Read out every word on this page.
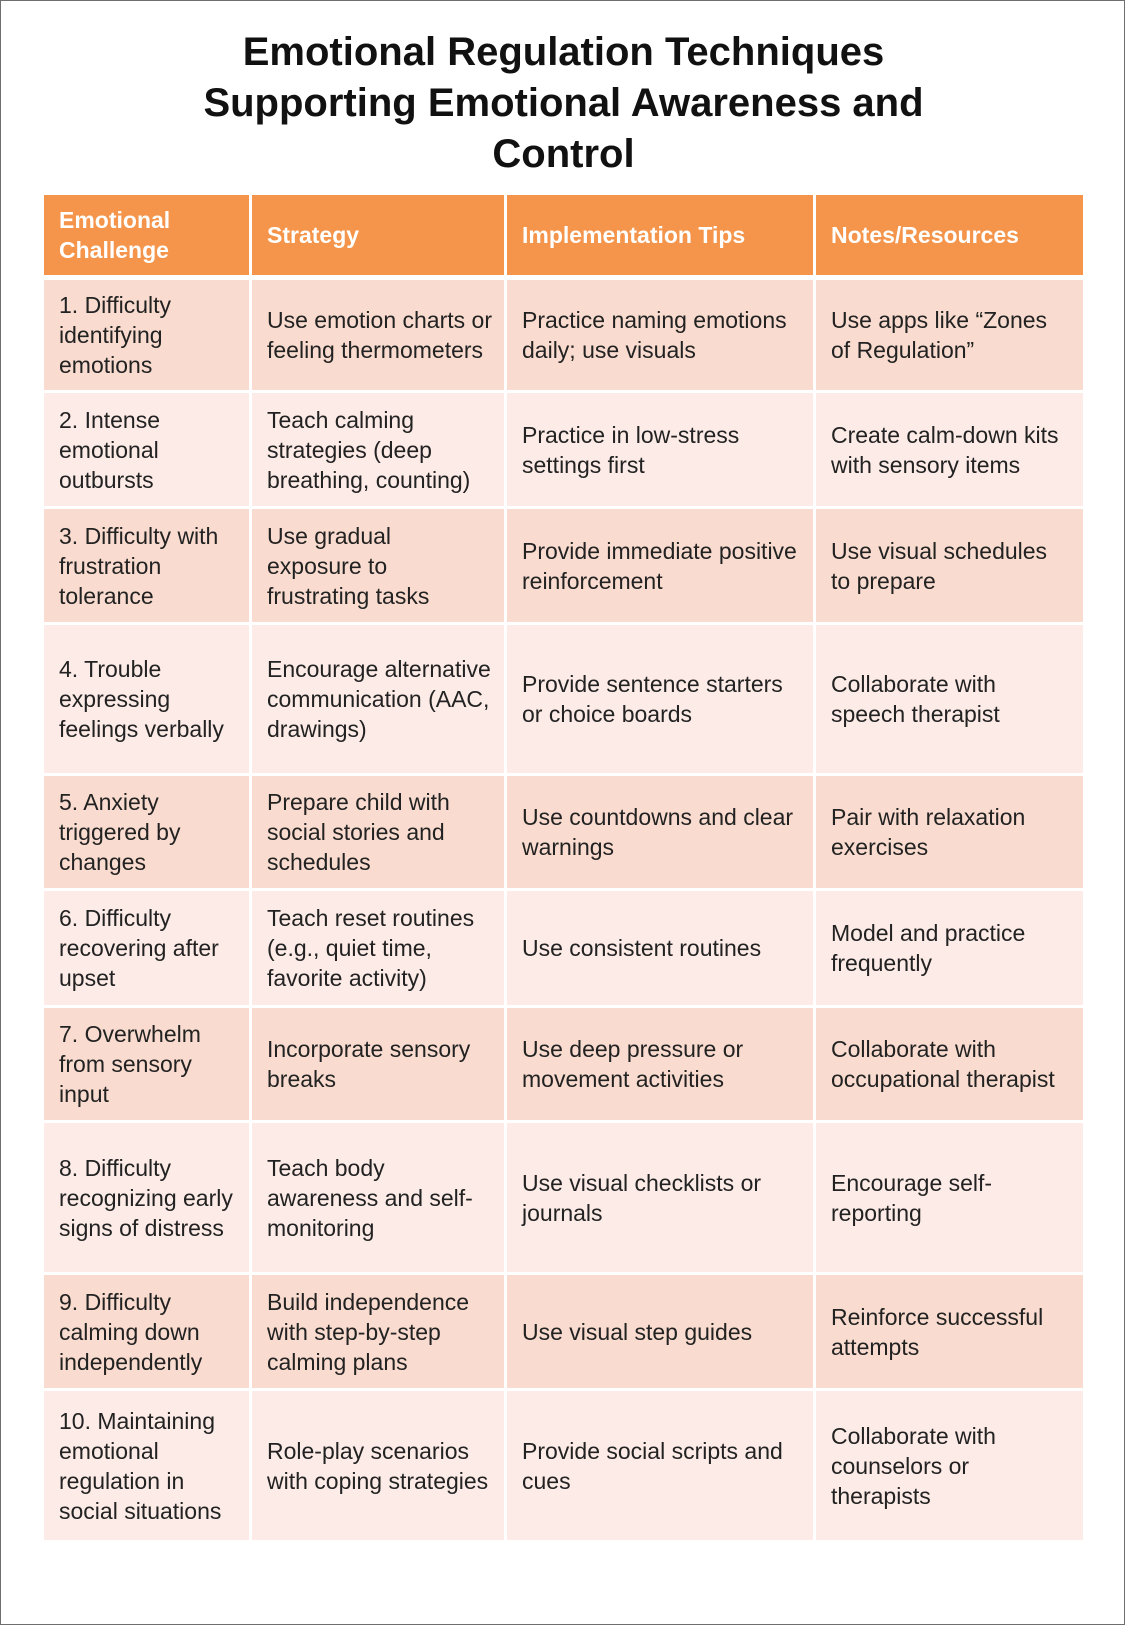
Emotional Regulation Techniques
Supporting Emotional Awareness and
Control
Emotional Challenge	Strategy	Implementation Tips	Notes/Resources
1. Difficulty identifying emotions	Use emotion charts or feeling thermometers	Practice naming emotions daily; use visuals	Use apps like “Zones of Regulation”
2. Intense emotional outbursts	Teach calming strategies (deep breathing, counting)	Practice in low-stress settings first	Create calm-down kits with sensory items
3. Difficulty with frustration tolerance	Use gradual exposure to frustrating tasks	Provide immediate positive reinforcement	Use visual schedules to prepare
4. Trouble expressing feelings verbally	Encourage alternative communication (AAC, drawings)	Provide sentence starters or choice boards	Collaborate with speech therapist
5. Anxiety triggered by changes	Prepare child with social stories and schedules	Use countdowns and clear warnings	Pair with relaxation exercises
6. Difficulty recovering after upset	Teach reset routines (e.g., quiet time, favorite activity)	Use consistent routines	Model and practice frequently
7. Overwhelm from sensory input	Incorporate sensory breaks	Use deep pressure or movement activities	Collaborate with occupational therapist
8. Difficulty recognizing early signs of distress	Teach body awareness and self-monitoring	Use visual checklists or journals	Encourage self-reporting
9. Difficulty calming down independently	Build independence with step-by-step calming plans	Use visual step guides	Reinforce successful attempts
10. Maintaining emotional regulation in social situations	Role-play scenarios with coping strategies	Provide social scripts and cues	Collaborate with counselors or therapists
